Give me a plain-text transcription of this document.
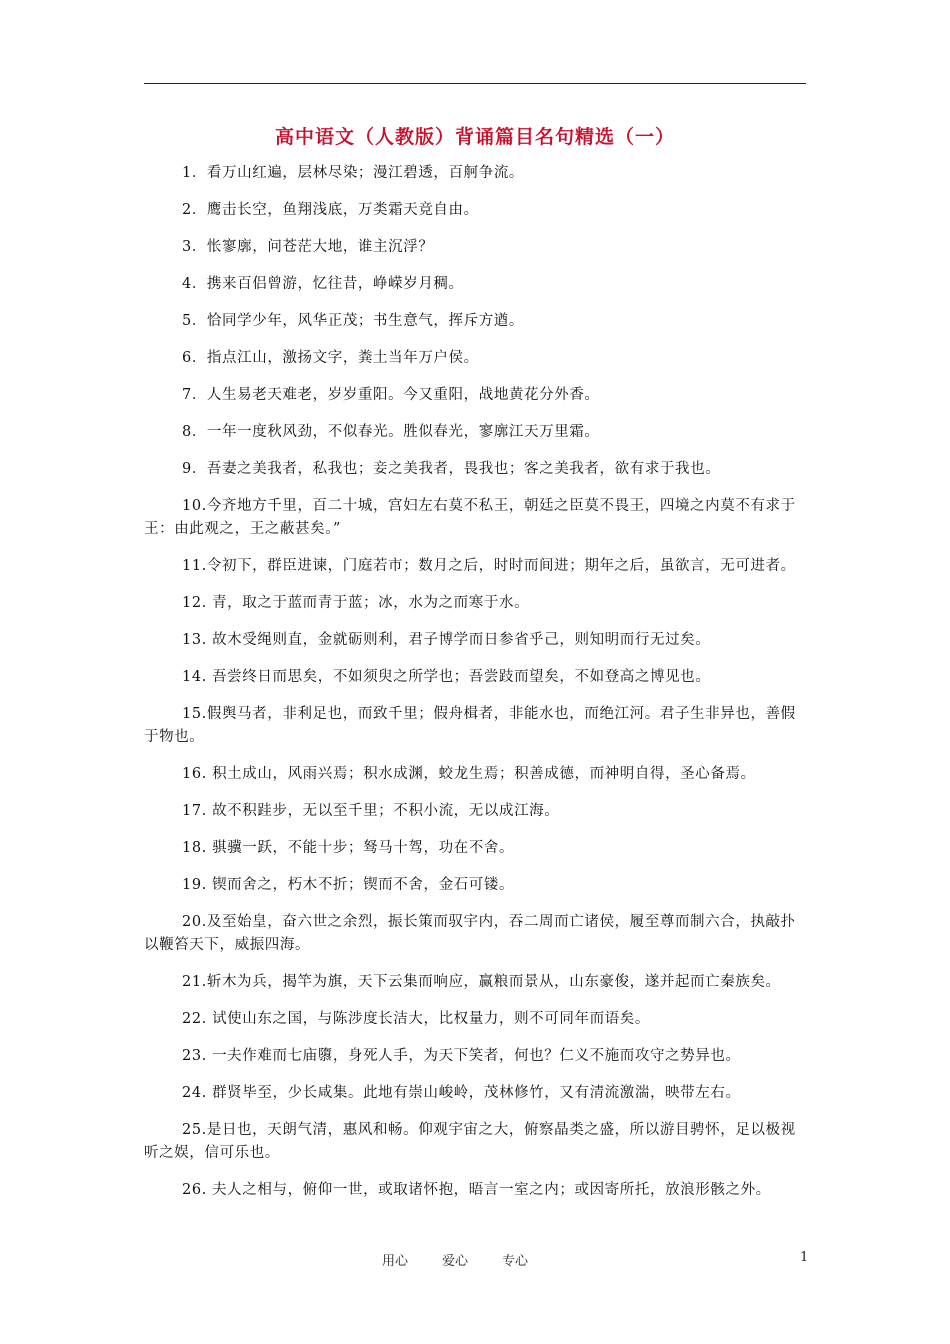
高中语文（人教版）背诵篇目名句精选（一）

1．看万山红遍，层林尽染；漫江碧透，百舸争流。

2．鹰击长空，鱼翔浅底，万类霜天竞自由。

3．怅寥廓，问苍茫大地，谁主沉浮？

4．携来百侣曾游，忆往昔，峥嵘岁月稠。

5．恰同学少年，风华正茂；书生意气，挥斥方遒。

6．指点江山，激扬文字，粪土当年万户侯。

7．人生易老天难老，岁岁重阳。今又重阳，战地黄花分外香。

8．一年一度秋风劲，不似春光。胜似春光，寥廓江天万里霜。

9．吾妻之美我者，私我也；妾之美我者，畏我也；客之美我者，欲有求于我也。

10.今齐地方千里，百二十城，宫妇左右莫不私王，朝廷之臣莫不畏王，四境之内莫不有求于王：由此观之，王之蔽甚矣。”

11.令初下，群臣进谏，门庭若市；数月之后，时时而间进；期年之后，虽欲言，无可进者。

12. 青，取之于蓝而青于蓝；冰，水为之而寒于水。

13. 故木受绳则直，金就砺则利，君子博学而日参省乎己，则知明而行无过矣。

14. 吾尝终日而思矣，不如须臾之所学也；吾尝跂而望矣，不如登高之博见也。

15.假舆马者，非利足也，而致千里；假舟楫者，非能水也，而绝江河。君子生非异也，善假于物也。

16. 积土成山，风雨兴焉；积水成渊，蛟龙生焉；积善成德，而神明自得，圣心备焉。

17. 故不积跬步，无以至千里；不积小流，无以成江海。

18. 骐骥一跃，不能十步；驽马十驾，功在不舍。

19. 锲而舍之，朽木不折；锲而不舍，金石可镂。

20.及至始皇，奋六世之余烈，振长策而驭宇内，吞二周而亡诸侯，履至尊而制六合，执敲扑以鞭笞天下，威振四海。

21.斩木为兵，揭竿为旗，天下云集而响应，赢粮而景从，山东豪俊，遂并起而亡秦族矣。

22. 试使山东之国，与陈涉度长洁大，比权量力，则不可同年而语矣。

23. 一夫作难而七庙隳，身死人手，为天下笑者，何也？仁义不施而攻守之势异也。

24. 群贤毕至，少长咸集。此地有崇山峻岭，茂林修竹，又有清流激湍，映带左右。

25.是日也，天朗气清，惠风和畅。仰观宇宙之大，俯察晶类之盛，所以游目骋怀，足以极视听之娱，信可乐也。

26. 夫人之相与，俯仰一世，或取诸怀抱，晤言一室之内；或因寄所托，放浪形骸之外。

用心	爱心	专心	1
